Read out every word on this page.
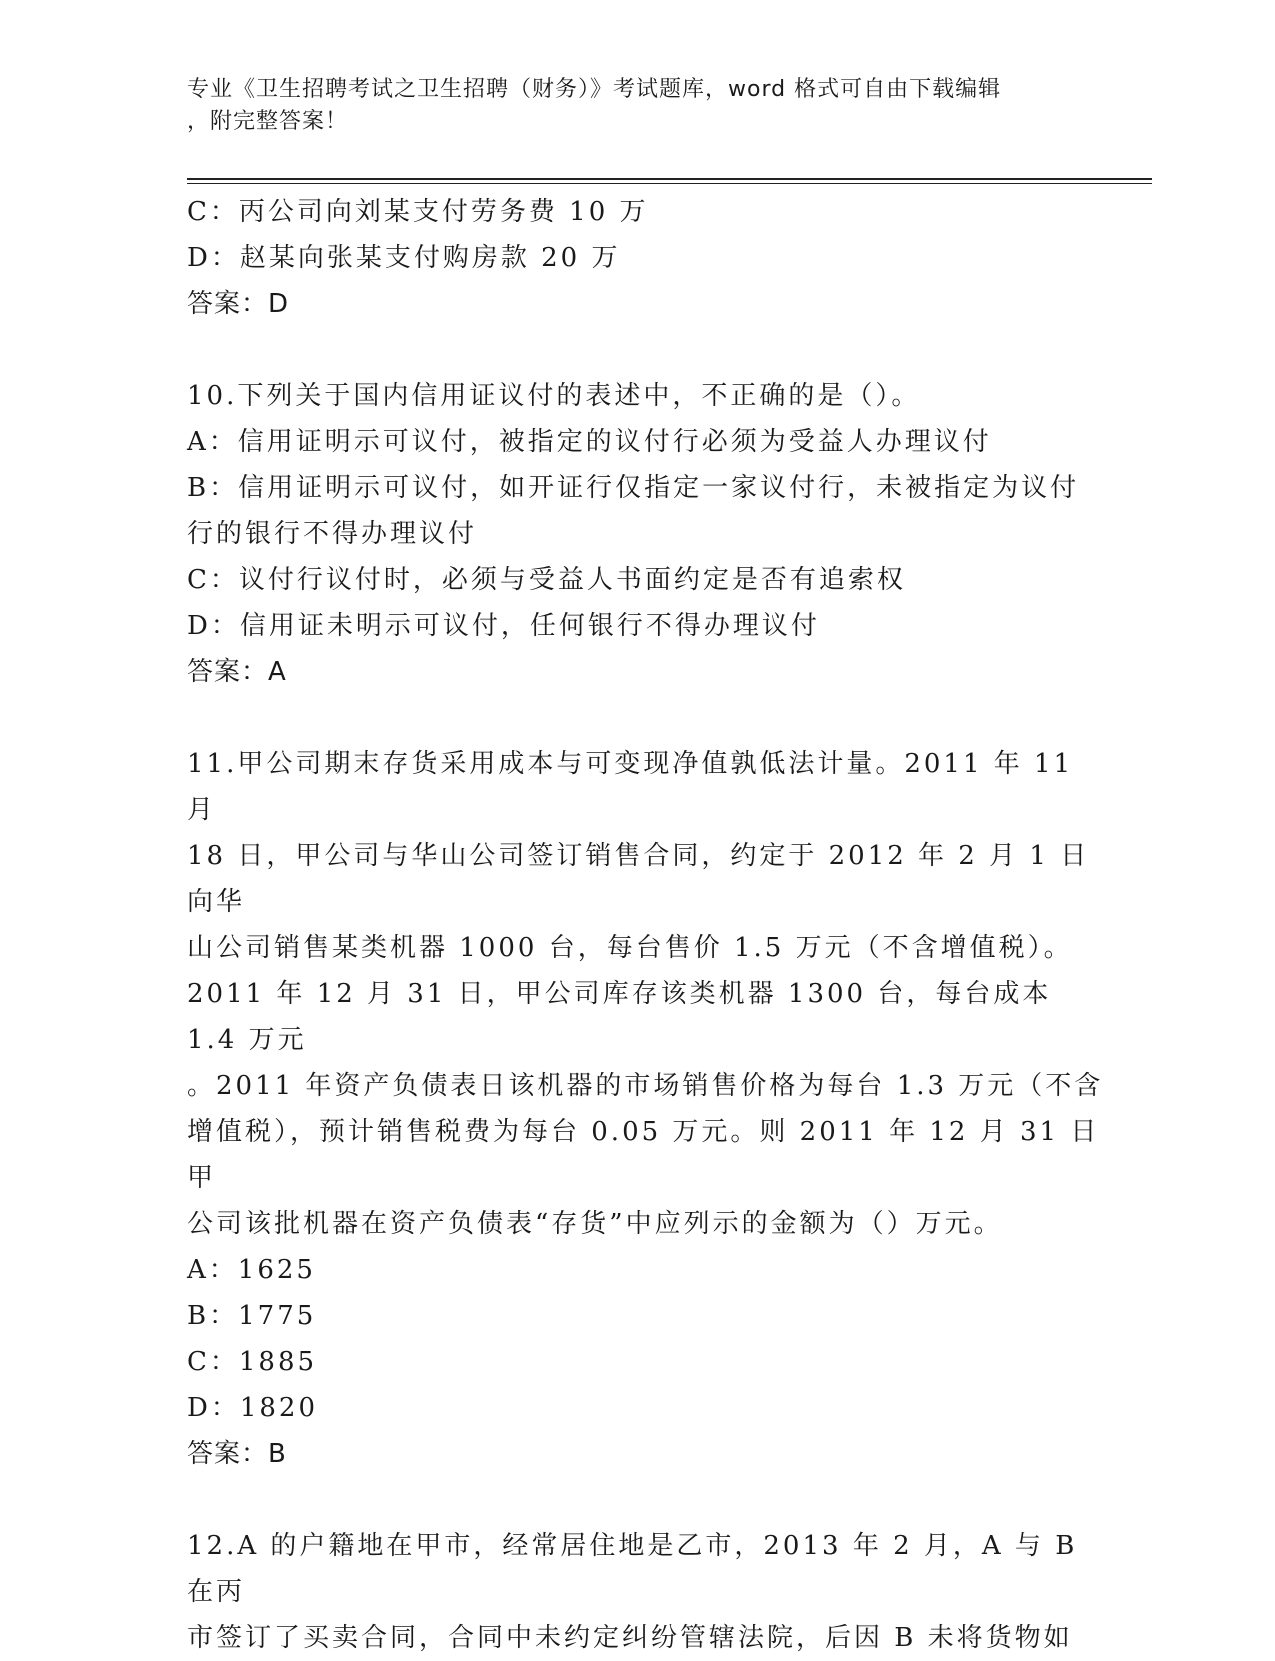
专业《卫生招聘考试之卫生招聘（财务）》考试题库，word 格式可自由下载编辑
，附完整答案！

C：丙公司向刘某支付劳务费 10 万

D：赵某向张某支付购房款 20 万

答案：D

10.下列关于国内信用证议付的表述中，不正确的是（）。

A：信用证明示可议付，被指定的议付行必须为受益人办理议付

B：信用证明示可议付，如开证行仅指定一家议付行，未被指定为议付

行的银行不得办理议付

C：议付行议付时，必须与受益人书面约定是否有追索权

D：信用证未明示可议付，任何银行不得办理议付

答案：A

11.甲公司期末存货采用成本与可变现净值孰低法计量。2011 年 11 月

18 日，甲公司与华山公司签订销售合同，约定于 2012 年 2 月 1 日向华

山公司销售某类机器 1000 台，每台售价 1.5 万元（不含增值税）。

2011 年 12 月 31 日，甲公司库存该类机器 1300 台，每台成本 1.4 万元

。2011 年资产负债表日该机器的市场销售价格为每台 1.3 万元（不含

增值税），预计销售税费为每台 0.05 万元。则 2011 年 12 月 31 日甲

公司该批机器在资产负债表“存货”中应列示的金额为（）万元。

A：1625

B：1775

C：1885

D：1820

答案：B

12.A 的户籍地在甲市，经常居住地是乙市，2013 年 2 月，A 与 B 在丙

市签订了买卖合同，合同中未约定纠纷管辖法院，后因 B 未将货物如
